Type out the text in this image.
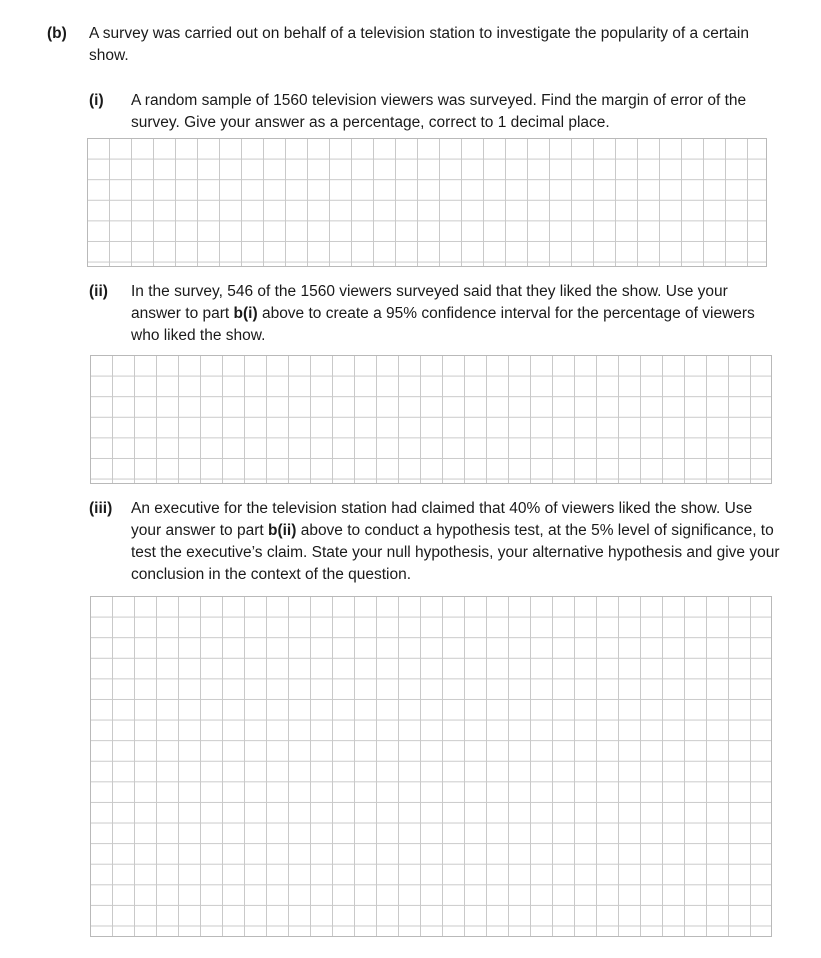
(b) A survey was carried out on behalf of a television station to investigate the popularity of a certain show.

(i) A random sample of 1560 television viewers was surveyed. Find the margin of error of the survey. Give your answer as a percentage, correct to 1 decimal place.

(ii) In the survey, 546 of the 1560 viewers surveyed said that they liked the show. Use your answer to part b(i) above to create a 95% confidence interval for the percentage of viewers who liked the show.

(iii) An executive for the television station had claimed that 40% of viewers liked the show. Use your answer to part b(ii) above to conduct a hypothesis test, at the 5% level of significance, to test the executive’s claim. State your null hypothesis, your alternative hypothesis and give your conclusion in the context of the question.
